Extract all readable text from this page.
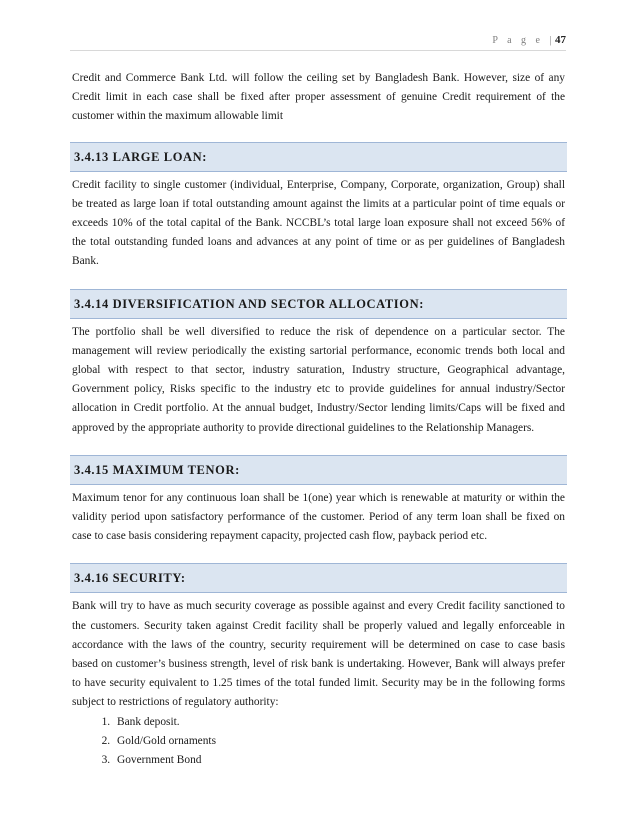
P a g e |47

Credit and Commerce Bank Ltd. will follow the ceiling set by Bangladesh Bank. However, size of any Credit limit in each case shall be fixed after proper assessment of genuine Credit requirement of the customer within the maximum allowable limit

3.4.13 LARGE LOAN:

Credit facility to single customer (individual, Enterprise, Company, Corporate, organization, Group) shall be treated as large loan if total outstanding amount against the limits at a particular point of time equals or exceeds 10% of the total capital of the Bank. NCCBL’s total large loan exposure shall not exceed 56% of the total outstanding funded loans and advances at any point of time or as per guidelines of Bangladesh Bank.

3.4.14 DIVERSIFICATION AND SECTOR ALLOCATION:

The portfolio shall be well diversified to reduce the risk of dependence on a particular sector. The management will review periodically the existing sartorial performance, economic trends both local and global with respect to that sector, industry saturation, Industry structure, Geographical advantage, Government policy, Risks specific to the industry etc to provide guidelines for annual industry/Sector allocation in Credit portfolio. At the annual budget, Industry/Sector lending limits/Caps will be fixed and approved by the appropriate authority to provide directional guidelines to the Relationship Managers.

3.4.15 MAXIMUM TENOR:

Maximum tenor for any continuous loan shall be 1(one) year which is renewable at maturity or within the validity period upon satisfactory performance of the customer. Period of any term loan shall be fixed on case to case basis considering repayment capacity, projected cash flow, payback period etc.

3.4.16 SECURITY:

Bank will try to have as much security coverage as possible against and every Credit facility sanctioned to the customers. Security taken against Credit facility shall be properly valued and legally enforceable in accordance with the laws of the country, security requirement will be determined on case to case basis based on customer’s business strength, level of risk bank is undertaking. However, Bank will always prefer to have security equivalent to 1.25 times of the total funded limit. Security may be in the following forms subject to restrictions of regulatory authority:

1. Bank deposit.
2. Gold/Gold ornaments
3. Government Bond
